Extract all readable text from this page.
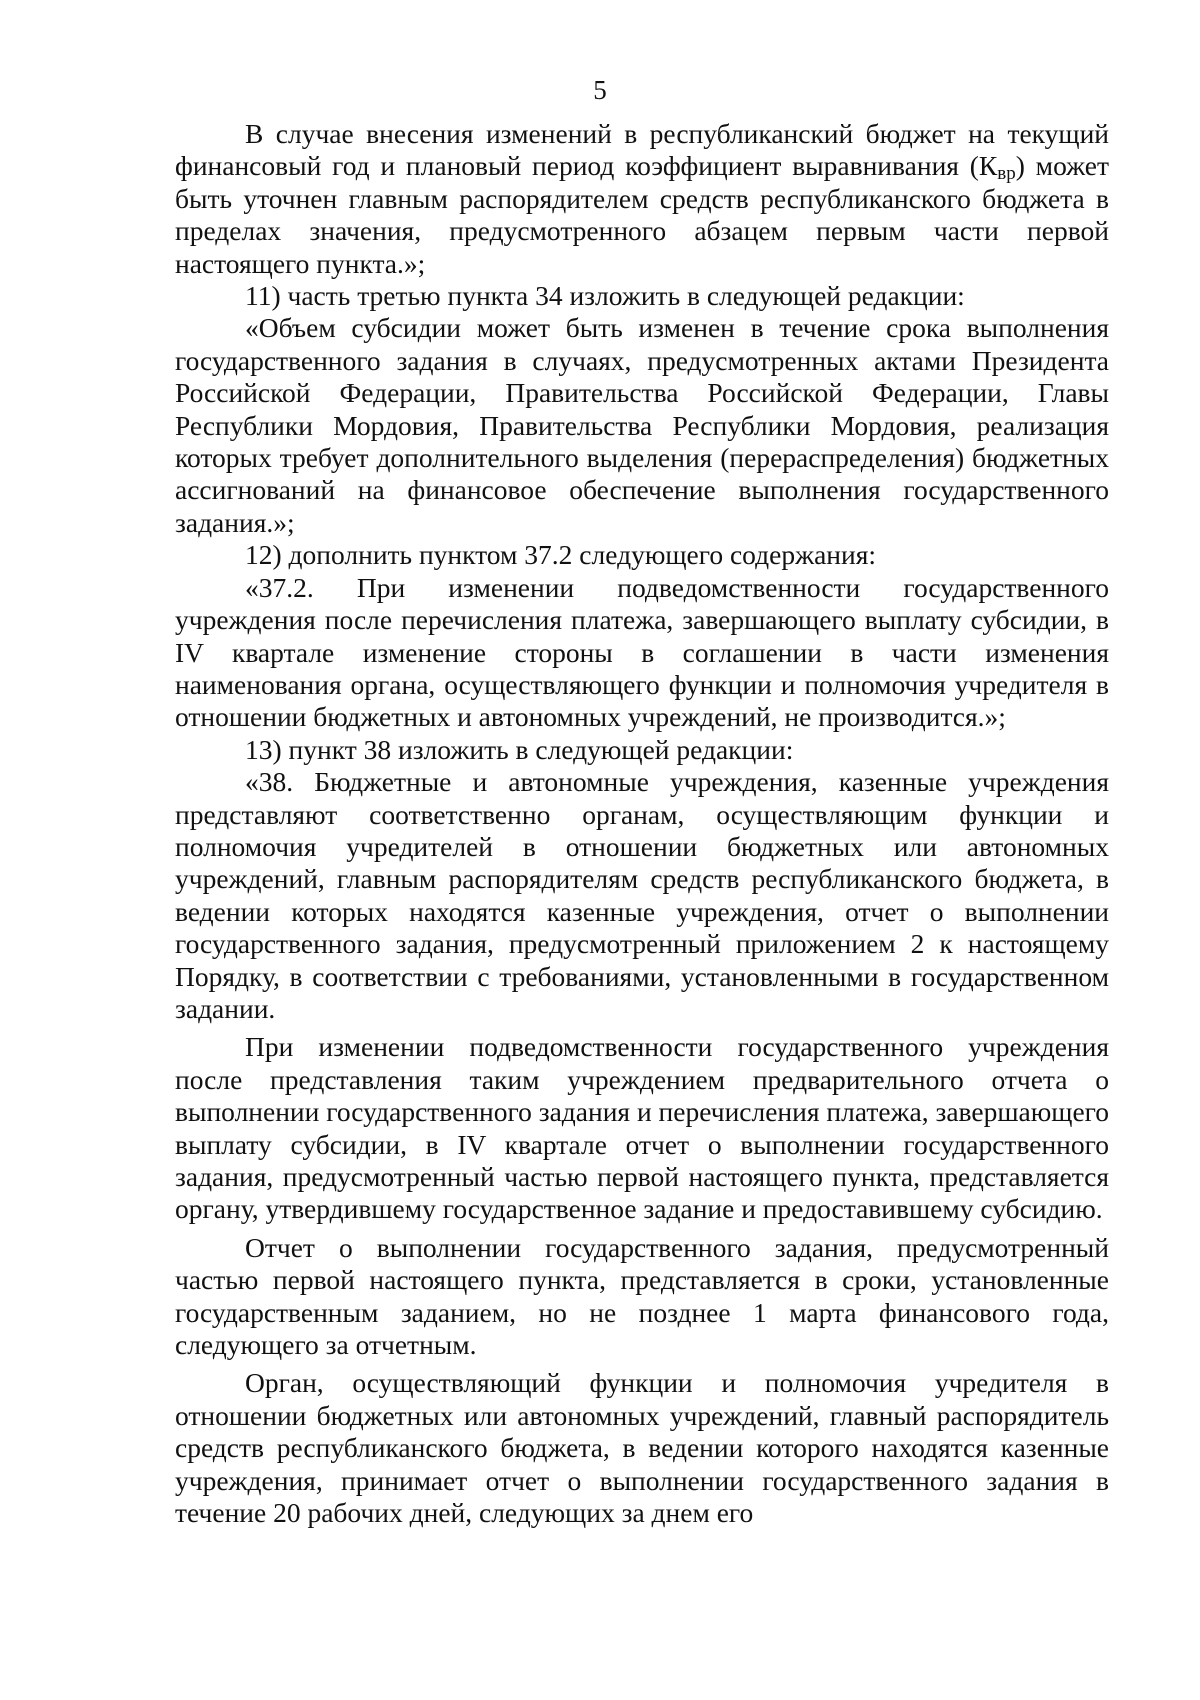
5

В случае внесения изменений в республиканский бюджет на текущий финансовый год и плановый период коэффициент выравнивания $(К_{вр})$ может быть уточнен главным распорядителем средств республиканского бюджета в пределах значения, предусмотренного абзацем первым части первой настоящего пункта.»;

11) часть третью пункта 34 изложить в следующей редакции:

«Объем субсидии может быть изменен в течение срока выполнения государственного задания в случаях, предусмотренных актами Президента Российской Федерации, Правительства Российской Федерации, Главы Республики Мордовия, Правительства Республики Мордовия, реализация которых требует дополнительного выделения (перераспределения) бюджетных ассигнований на финансовое обеспечение выполнения государственного задания.»;

12) дополнить пунктом 37.2 следующего содержания:

«37.2. При изменении подведомственности государственного учреждения после перечисления платежа, завершающего выплату субсидии, в IV квартале изменение стороны в соглашении в части изменения наименования органа, осуществляющего функции и полномочия учредителя в отношении бюджетных и автономных учреждений, не производится.»;

13) пункт 38 изложить в следующей редакции:

«38. Бюджетные и автономные учреждения, казенные учреждения представляют соответственно органам, осуществляющим функции и полномочия учредителей в отношении бюджетных или автономных учреждений, главным распорядителям средств республиканского бюджета, в ведении которых находятся казенные учреждения, отчет о выполнении государственного задания, предусмотренный приложением 2 к настоящему Порядку, в соответствии с требованиями, установленными в государственном задании.

При изменении подведомственности государственного учреждения после представления таким учреждением предварительного отчета о выполнении государственного задания и перечисления платежа, завершающего выплату субсидии, в IV квартале отчет о выполнении государственного задания, предусмотренный частью первой настоящего пункта, представляется органу, утвердившему государственное задание и предоставившему субсидию.

Отчет о выполнении государственного задания, предусмотренный частью первой настоящего пункта, представляется в сроки, установленные государственным заданием, но не позднее 1 марта финансового года, следующего за отчетным.

Орган, осуществляющий функции и полномочия учредителя в отношении бюджетных или автономных учреждений, главный распорядитель средств республиканского бюджета, в ведении которого находятся казенные учреждения, принимает отчет о выполнении государственного задания в течение 20 рабочих дней, следующих за днем его
